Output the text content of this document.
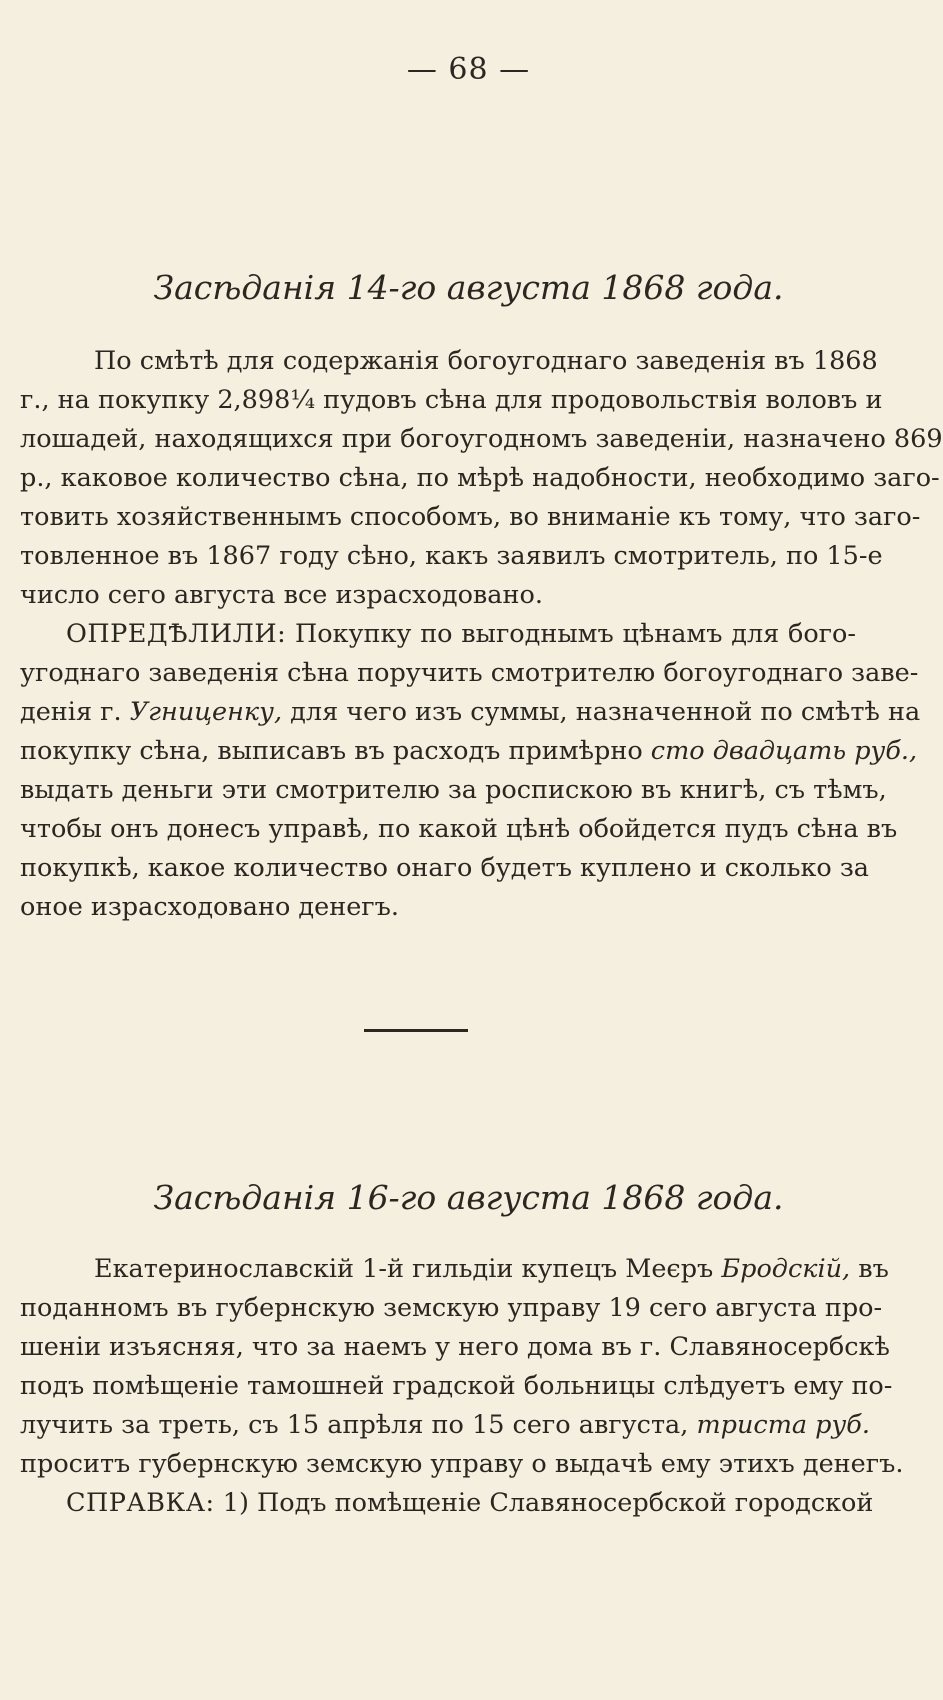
— 68 —
Засѣданія 14-го августа 1868 года.
По смѣтѣ для содержанія богоугоднаго заведенія въ 1868
г., на покупку 2,898¼ пудовъ сѣна для продовольствія воловъ и
лошадей, находящихся при богоугодномъ заведеніи, назначено 869
р., каковое количество сѣна, по мѣрѣ надобности, необходимо заго-
товить хозяйственнымъ способомъ, во вниманіе къ тому, что заго-
товленное въ 1867 году сѣно, какъ заявилъ смотритель, по 15-е
число сего августа все израсходовано.
ОПРЕДѢЛИЛИ: Покупку по выгоднымъ цѣнамъ для бого-
угоднаго заведенія сѣна поручить смотрителю богоугоднаго заве-
денія г. Угниценку, для чего изъ суммы, назначенной по смѣтѣ на
покупку сѣна, выписавъ въ расходъ примѣрно сто двадцать руб.,
выдать деньги эти смотрителю за роспискою въ книгѣ, съ тѣмъ,
чтобы онъ донесъ управѣ, по какой цѣнѣ обойдется пудъ сѣна въ
покупкѣ, какое количество онаго будетъ куплено и сколько за
оное израсходовано денегъ.
Засѣданія 16-го августа 1868 года.
Екатеринославскій 1-й гильдіи купецъ Меєръ Бродскій, въ
поданномъ въ губернскую земскую управу 19 сего августа про-
шеніи изъясняя, что за наемъ у него дома въ г. Славяносербскѣ
подъ помѣщеніе тамошней градской больницы слѣдуетъ ему по-
лучить за треть, съ 15 апрѣля по 15 сего августа, триста руб.
проситъ губернскую земскую управу о выдачѣ ему этихъ денегъ.
СПРАВКА: 1) Подъ помѣщеніе Славяносербской городской
